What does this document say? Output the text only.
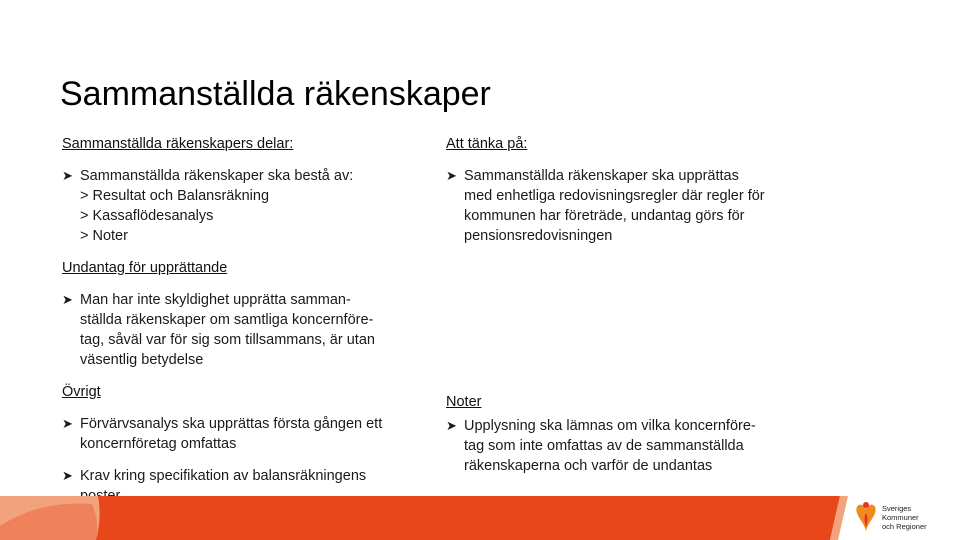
Sammanställda räkenskaper

Sammanställda räkenskapers delar:

➤ Sammanställda räkenskaper ska bestå av:
> Resultat och Balansräkning
> Kassaflödesanalys
> Noter

Undantag för upprättande

➤ Man har inte skyldighet upprätta samman-
ställda räkenskaper om samtliga koncernföre-
tag, såväl var för sig som tillsammans, är utan
väsentlig betydelse

Övrigt

➤ Förvärvsanalys ska upprättas första gången ett
koncernföretag omfattas
➤ Krav kring specifikation av balansräkningens

Att tänka på:

➤ Sammanställda räkenskaper ska upprättas
med enhetliga redovisningsregler där regler för
kommunen har företräde, undantag görs för
pensionsredovisningen

Noter

➤ Upplysning ska lämnas om vilka koncernföre-
tag som inte omfattas av de sammanställda
räkenskaperna och varför de undantas
Sveriges
Kommuner
och Regioner
